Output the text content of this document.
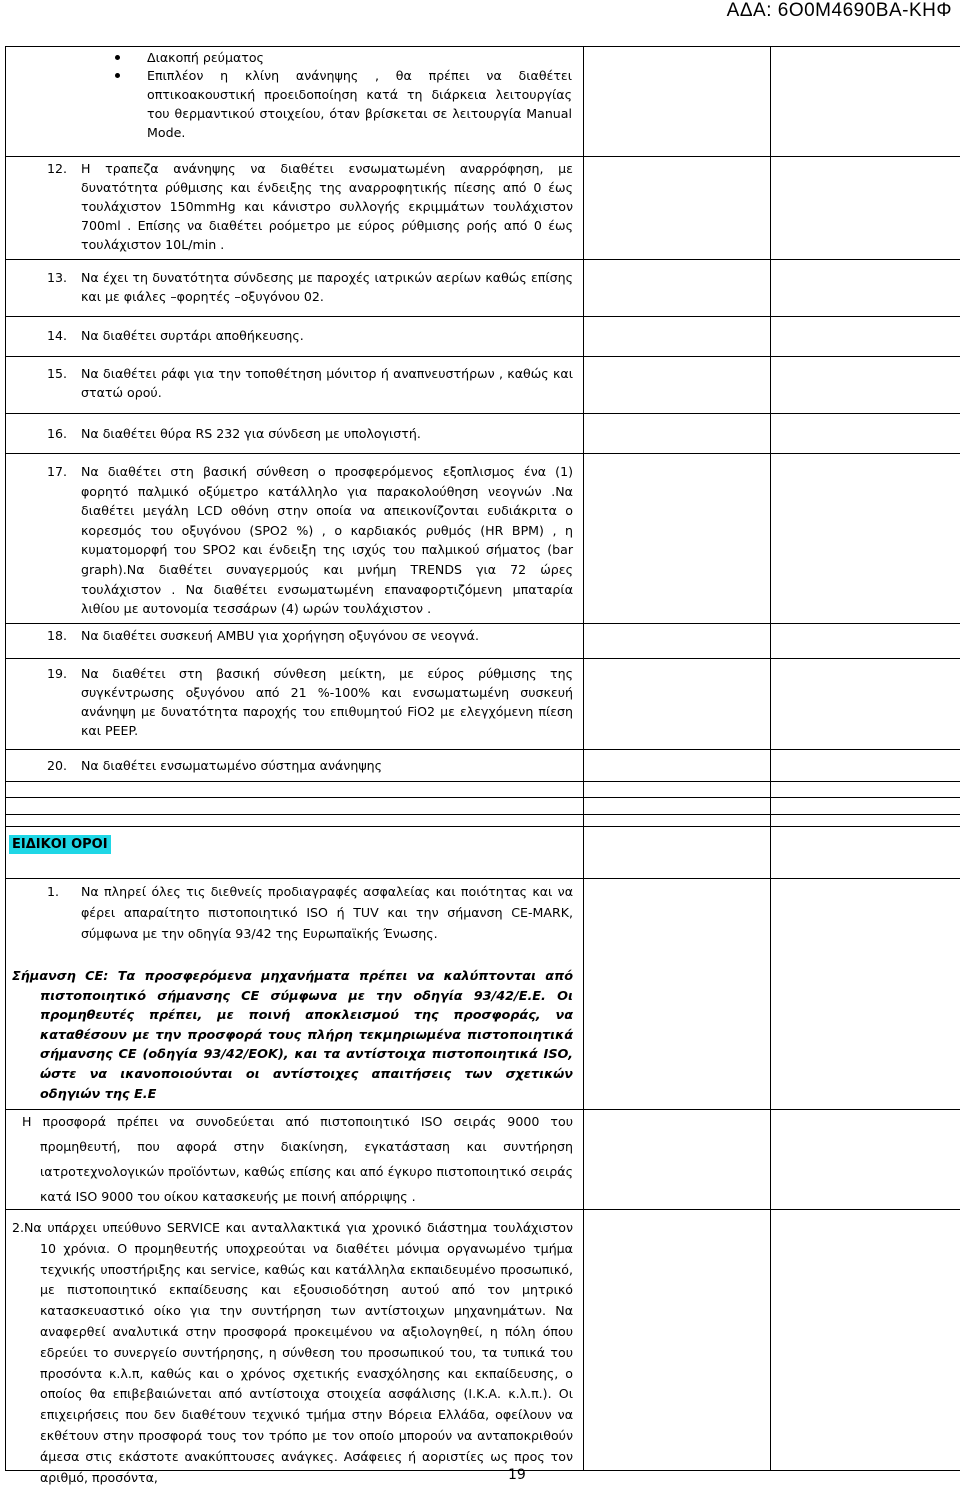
ΑΔΑ: 6Ο0Μ4690ΒΑ-ΚΗΦ
Διακοπή ρεύματος
Επιπλέον η κλίνη ανάνηψης , θα πρέπει να διαθέτει οπτικοακουστική προειδοποίηση κατά τη διάρκεια λειτουργίας του θερμαντικού στοιχείου, όταν βρίσκεται σε λειτουργία Manual Mode.
12. Η τραπεζα ανάνηψης να διαθέτει ενσωματωμένη αναρρόφηση, με δυνατότητα ρύθμισης και ένδειξης της αναρροφητικής πίεσης από 0 έως τουλάχιστον 150mmHg και κάνιστρο συλλογής εκριμμάτων τουλάχιστον 700ml . Επίσης να διαθέτει ροόμετρο με εύρος ρύθμισης ροής από 0 έως τουλάχιστον 10L/min .
13. Να έχει τη δυνατότητα σύνδεσης με παροχές ιατρικών αερίων καθώς επίσης και με φιάλες –φορητές –οξυγόνου 02.
14. Να διαθέτει συρτάρι αποθήκευσης.
15. Να διαθέτει ράφι για την τοποθέτηση μόνιτορ ή αναπνευστήρων , καθώς και στατώ ορού.
16. Να διαθέτει θύρα RS 232 για σύνδεση με υπολογιστή.
17. Να διαθέτει στη βασική σύνθεση ο προσφερόμενος εξοπλισμος ένα (1) φορητό παλμικό οξύμετρο κατάλληλο για παρακολούθηση νεογνών .Να διαθέτει μεγάλη LCD οθόνη στην οποία να απεικονίζονται ευδιάκριτα ο κορεσμός του οξυγόνου (SPO2 %) , ο καρδιακός ρυθμός (HR BPM) , η κυματομορφή του SPO2 και ένδειξη της ισχύς του παλμικού σήματος (bar graph).Να διαθέτει συναγερμούς και μνήμη TRENDS για 72 ώρες τουλάχιστον . Να διαθέτει ενσωματωμένη επαναφορτιζόμενη μπαταρία λιθίου με αυτονομία τεσσάρων (4) ωρών τουλάχιστον .
18. Να διαθέτει συσκευή AMBU για χορήγηση οξυγόνου σε νεογνά.
19. Να διαθέτει στη βασική σύνθεση μείκτη, με εύρος ρύθμισης της συγκέντρωσης οξυγόνου από 21 %-100% και ενσωματωμένη συσκευή ανάνηψη με δυνατότητα παροχής του επιθυμητού FiO2 με ελεγχόμενη πίεση και PEEP.
20. Να διαθέτει ενσωματωμένο σύστημα ανάνηψης
ΕΙΔΙΚΟΙ ΟΡΟΙ
1. Να πληρεί όλες τις διεθνείς προδιαγραφές ασφαλείας και ποιότητας και να φέρει απαραίτητο πιστοποιητικό ISO ή TUV και την σήμανση CE-MARK, σύμφωνα με την οδηγία 93/42 της Ευρωπαϊκής Ένωσης.
Σήμανση CE: Τα προσφερόμενα μηχανήματα πρέπει να καλύπτονται από πιστοποιητικό σήμανσης CE σύμφωνα με την οδηγία 93/42/Ε.Ε. Οι προμηθευτές πρέπει, με ποινή αποκλεισμού της προσφοράς, να καταθέσουν με την προσφορά τους πλήρη τεκμηριωμένα πιστοποιητικά σήμανσης CE (οδηγία 93/42/ΕΟΚ), και τα αντίστοιχα πιστοποιητικά ISO, ώστε να ικανοποιούνται οι αντίστοιχες απαιτήσεις των σχετικών οδηγιών της Ε.Ε
Η προσφορά πρέπει να συνοδεύεται από πιστοποιητικό ISO σειράς 9000 του προμηθευτή, που αφορά στην διακίνηση, εγκατάσταση και συντήρηση ιατροτεχνολογικών προϊόντων, καθώς επίσης και από έγκυρο πιστοποιητικό σειράς κατά ISO 9000 του οίκου κατασκευής με ποινή απόρριψης .
2.Να υπάρχει υπεύθυνο SERVICE και ανταλλακτικά για χρονικό διάστημα τουλάχιστον 10 χρόνια. Ο προμηθευτής υποχρεούται να διαθέτει μόνιμα οργανωμένο τμήμα τεχνικής υποστήριξης και service, καθώς και κατάλληλα εκπαιδευμένο προσωπικό, με πιστοποιητικό εκπαίδευσης και εξουσιοδότηση αυτού από τον μητρικό κατασκευαστικό οίκο για την συντήρηση των αντίστοιχων μηχανημάτων. Να αναφερθεί αναλυτικά στην προσφορά προκειμένου να αξιολογηθεί, η πόλη όπου εδρεύει το συνεργείο συντήρησης, η σύνθεση του προσωπικού του, τα τυπικά του προσόντα κ.λ.π, καθώς και ο χρόνος σχετικής ενασχόλησης και εκπαίδευσης, ο οποίος θα επιβεβαιώνεται από αντίστοιχα στοιχεία ασφάλισης (Ι.Κ.Α. κ.λ.π.). Οι επιχειρήσεις που δεν διαθέτουν τεχνικό τμήμα στην Βόρεια Ελλάδα, οφείλουν να εκθέτουν στην προσφορά τους τον τρόπο με τον οποίο μπορούν να ανταποκριθούν άμεσα στις εκάστοτε ανακύπτουσες ανάγκες. Ασάφειες ή αοριστίες ως προς τον αριθμό, προσόντα,	19
